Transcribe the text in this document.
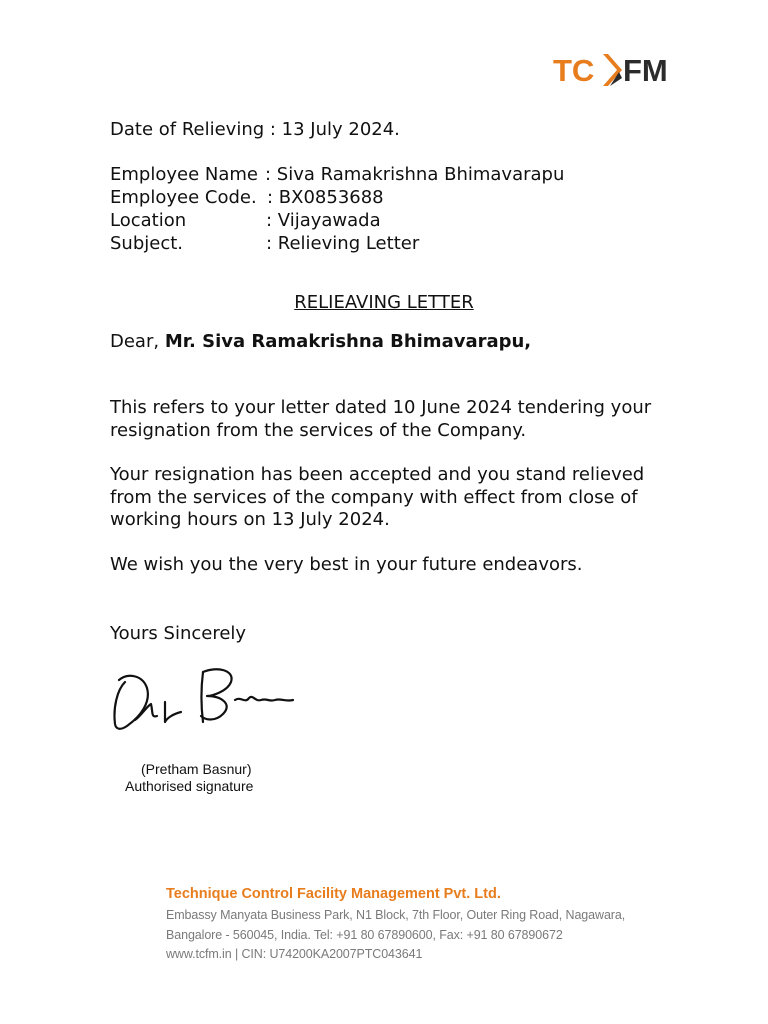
TC FM

Date of Relieving : 13 July 2024.

Employee Name : Siva Ramakrishna Bhimavarapu
Employee Code. : BX0853688
Location	: Vijayawada
Subject.	: Relieving Letter
RELIEAVING LETTER

Dear, Mr. Siva Ramakrishna Bhimavarapu,

This refers to your letter dated 10 June 2024 tendering your
resignation from the services of the Company.
Your resignation has been accepted and you stand relieved
from the services of the company with effect from close of
working hours on 13 July 2024.

We wish you the very best in your future endeavors.

Yours Sincerely

(Pretham Basnur)
Authorised signature
Technique Control Facility Management Pvt. Ltd.
Embassy Manyata Business Park, N1 Block, 7th Floor, Outer Ring Road, Nagawara,
Bangalore - 560045, India. Tel: +91 80 67890600, Fax: +91 80 67890672
www.tcfm.in | CIN: U74200KA2007PTC043641
